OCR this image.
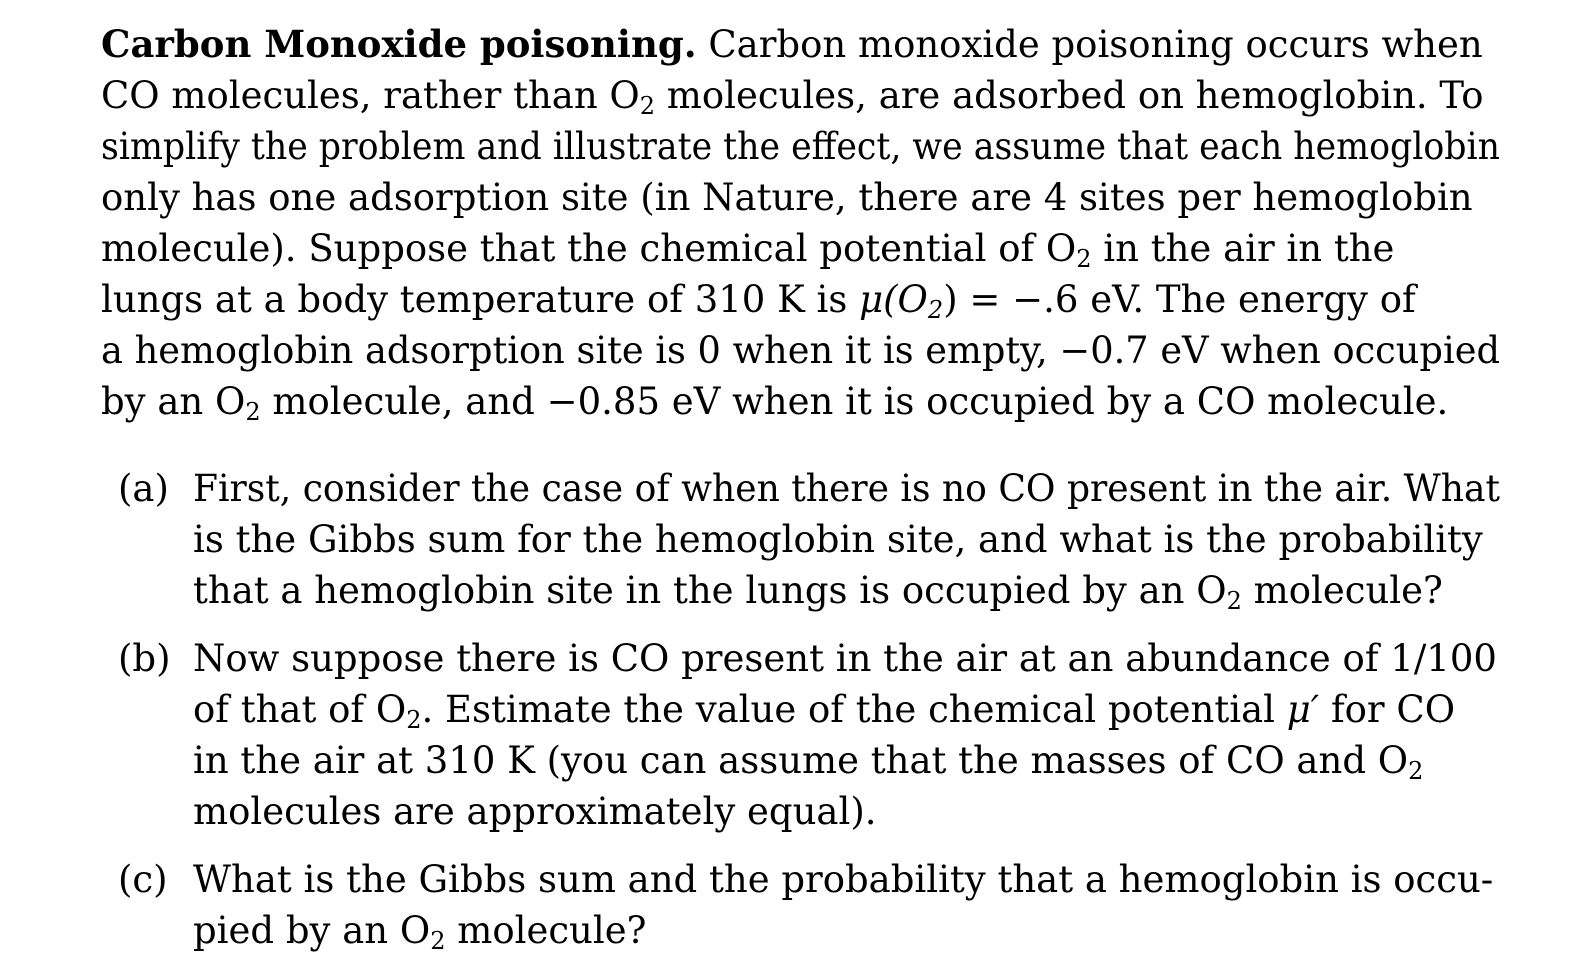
Carbon Monoxide poisoning. Carbon monoxide poisoning occurs when
CO molecules, rather than $O_2$ molecules, are adsorbed on hemoglobin. To
simplify the problem and illustrate the effect, we assume that each hemoglobin
only has one adsorption site (in Nature, there are 4 sites per hemoglobin
molecule). Suppose that the chemical potential of $O_2$ in the air in the
lungs at a body temperature of 310 K is $\mu(O_2) = -.6$ eV. The energy of
a hemoglobin adsorption site is 0 when it is empty, −0.7 eV when occupied
by an $O_2$ molecule, and −0.85 eV when it is occupied by a CO molecule.
(a) First, consider the case of when there is no CO present in the air. What
is the Gibbs sum for the hemoglobin site, and what is the probability
that a hemoglobin site in the lungs is occupied by an $O_2$ molecule?
(b) Now suppose there is CO present in the air at an abundance of 1/100
of that of $O_2$. Estimate the value of the chemical potential μ′ for CO
in the air at 310 K (you can assume that the masses of CO and $O_2$
molecules are approximately equal).
(c) What is the Gibbs sum and the probability that a hemoglobin is occu-
pied by an $O_2$ molecule?
